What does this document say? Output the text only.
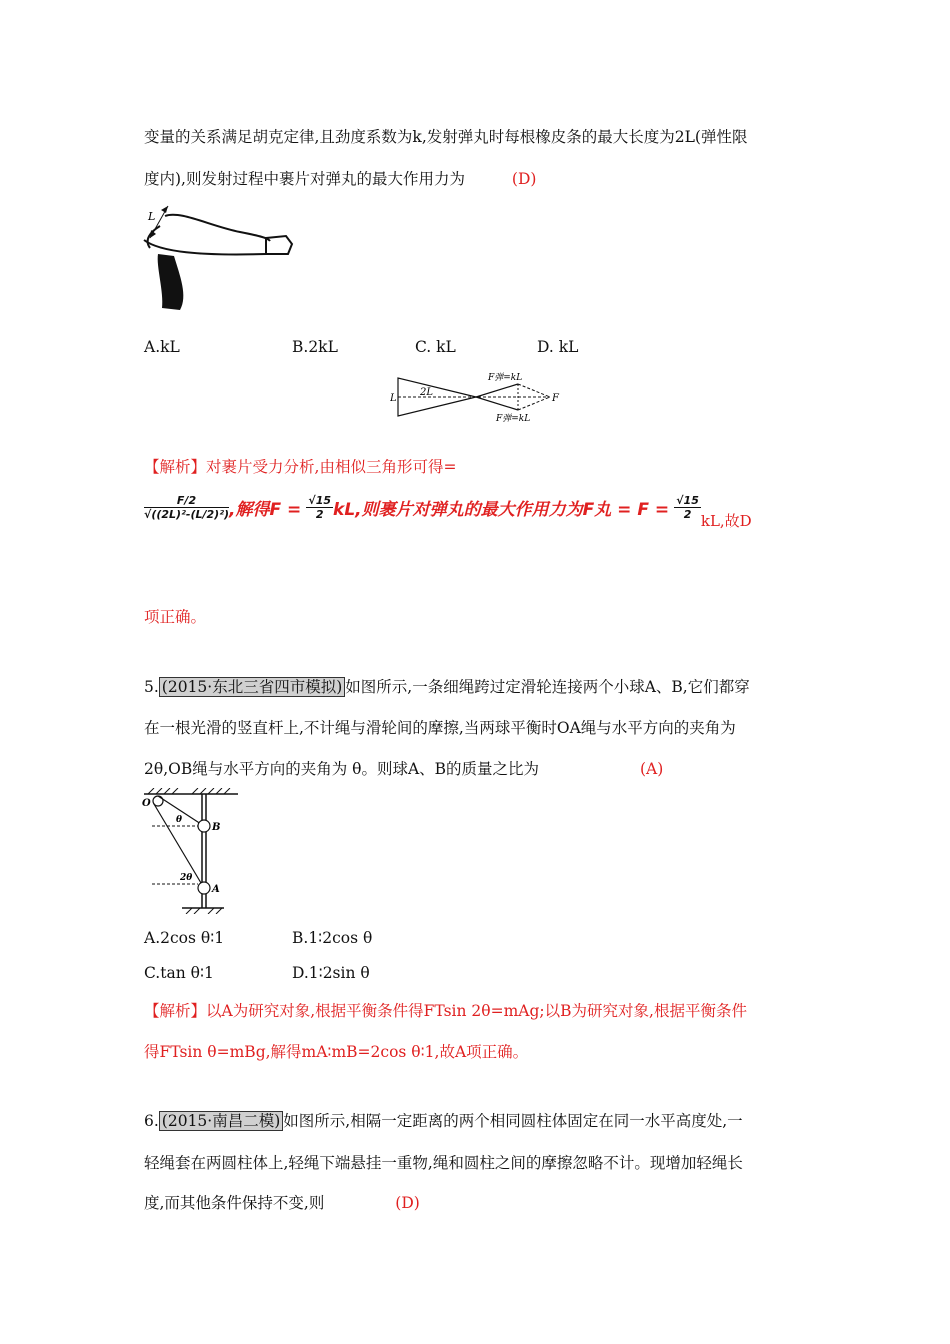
变量的关系满足胡克定律,且劲度系数为k,发射弹丸时每根橡皮条的最大长度为2L(弹性限
度内),则发射过程中裹片对弹丸的最大作用力为	(D)
L
A.kL	B.2kL	C. kL	D. kL
L
2L
F弹=kL
F弹=kL
F
【解析】对裹片受力分析,由相似三角形可得=
$\frac{F/2}{\text{√((2L)²-(L/2)²)}}$ ,解得$F = \frac{√15}{2}$ kL,则裹片对弹丸的最大作用力为F丸 = $F = \frac{√15}{2}$ kL,故D
项正确。
5. (2015·东北三省四市模拟) 如图所示,一条细绳跨过定滑轮连接两个小球A、B,它们都穿
在一根光滑的竖直杆上,不计绳与滑轮间的摩擦,当两球平衡时OA绳与水平方向的夹角为
2θ,OB绳与水平方向的夹角为 θ。则球A、B的质量之比为	(A)
O
B
A
θ
2θ
A.2cos θ∶1	B.1∶2cos θ
C.tan θ∶1	D.1∶2sin θ
【解析】以A为研究对象,根据平衡条件得FTsin 2θ=mAg;以B为研究对象,根据平衡条件
得FTsin θ=mBg,解得mA∶mB=2cos θ∶1,故A项正确。
6. (2015·南昌二模) 如图所示,相隔一定距离的两个相同圆柱体固定在同一水平高度处,一
轻绳套在两圆柱体上,轻绳下端悬挂一重物,绳和圆柱之间的摩擦忽略不计。现增加轻绳长
度,而其他条件保持不变,则	(D)
